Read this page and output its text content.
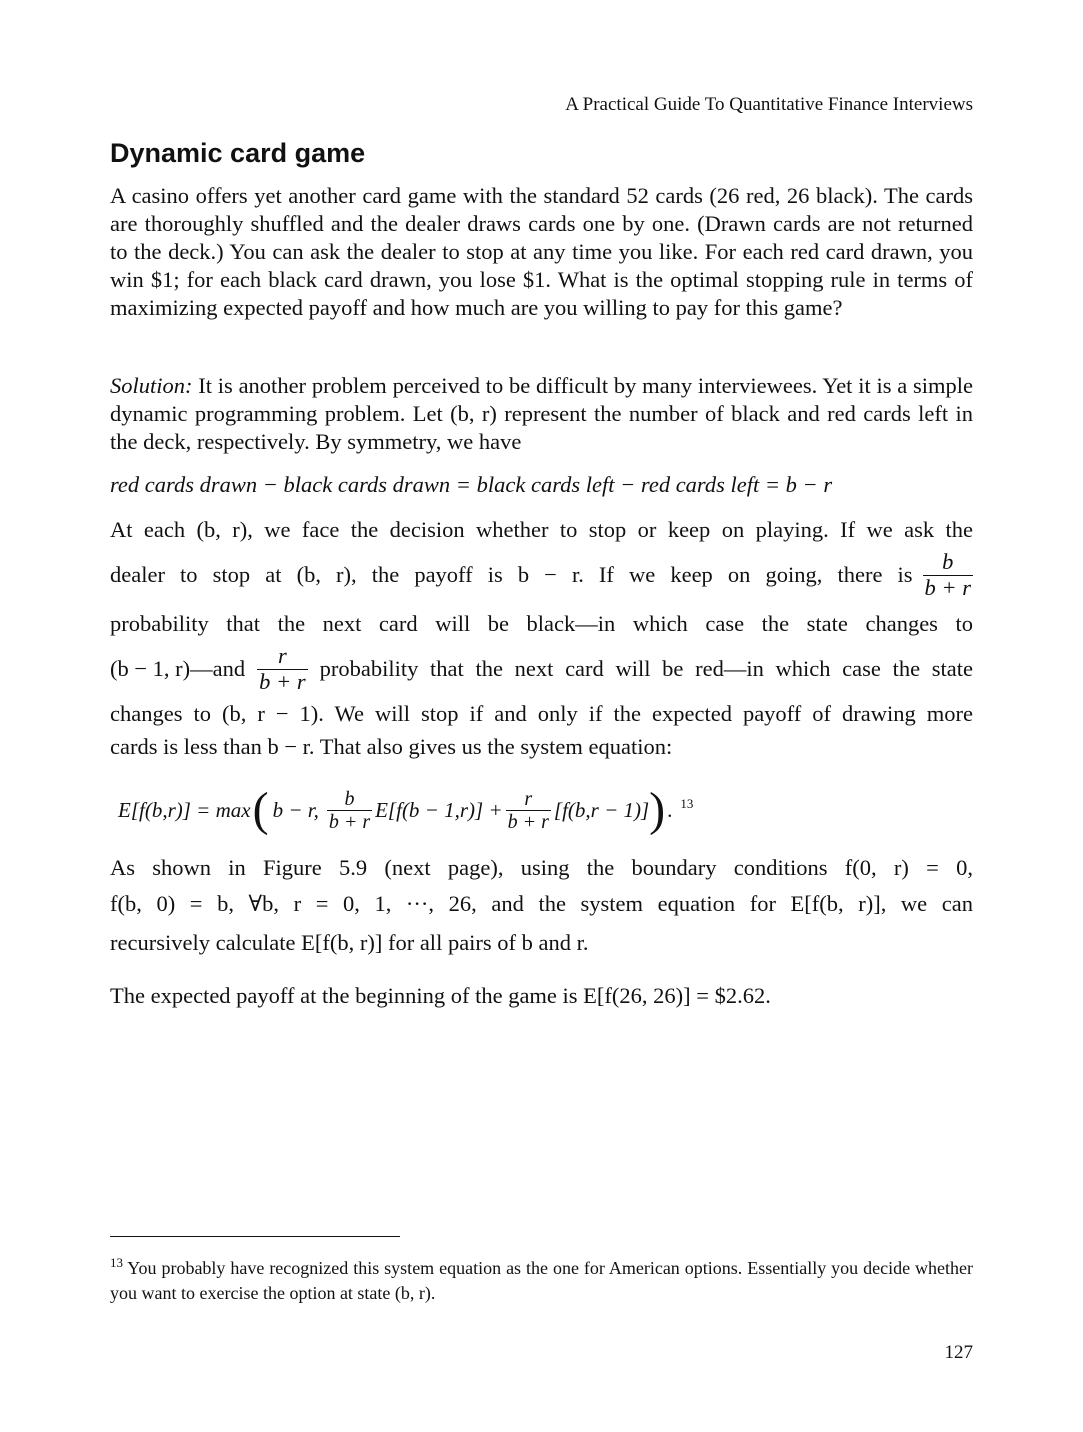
A Practical Guide To Quantitative Finance Interviews
Dynamic card game
A casino offers yet another card game with the standard 52 cards (26 red, 26 black). The cards are thoroughly shuffled and the dealer draws cards one by one. (Drawn cards are not returned to the deck.) You can ask the dealer to stop at any time you like. For each red card drawn, you win $1; for each black card drawn, you lose $1. What is the optimal stopping rule in terms of maximizing expected payoff and how much are you willing to pay for this game?
Solution: It is another problem perceived to be difficult by many interviewees. Yet it is a simple dynamic programming problem. Let (b, r) represent the number of black and red cards left in the deck, respectively. By symmetry, we have
red cards drawn − black cards drawn = black cards left − red cards left = b − r
At each (b, r), we face the decision whether to stop or keep on playing. If we ask the
dealer to stop at (b, r), the payoff is b − r. If we keep on going, there is $\frac{b}{b + r}$
probability that the next card will be black—in which case the state changes to
(b − 1, r)—and $\frac{r}{b + r}$ probability that the next card will be red—in which case the state
changes to (b, r − 1). We will stop if and only if the expected payoff of drawing more
cards is less than b − r. That also gives us the system equation:
E[f(b,r)] = max ( b − r, $\frac{b}{b + r} E[f(b - 1,r)] + \frac{r}{b + r} [f(b,r - 1)]$ ) . $^{13}$
As shown in Figure 5.9 (next page), using the boundary conditions f(0, r) = 0,
f(b, 0) = b, ∀b, r = 0, 1, ···, 26, and the system equation for E[f(b, r)], we can
recursively calculate E[f(b, r)] for all pairs of b and r.
The expected payoff at the beginning of the game is E[f(26, 26)] = $2.62.
$^{13}$ You probably have recognized this system equation as the one for American options. Essentially you decide whether you want to exercise the option at state (b, r).
127
